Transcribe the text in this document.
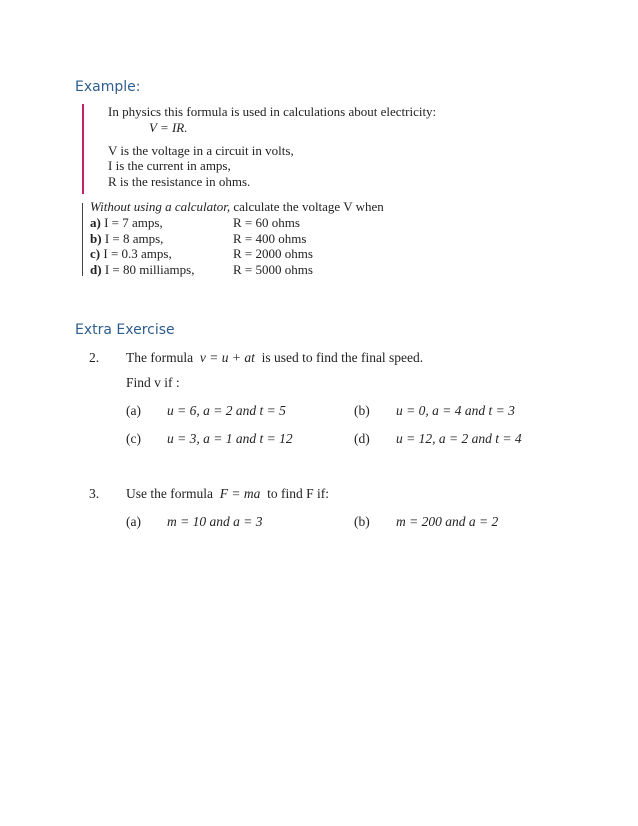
Example:
In physics this formula is used in calculations about electricity:
V = IR.
V is the voltage in a circuit in volts,
I is the current in amps,
R is the resistance in ohms.
Without using a calculator, calculate the voltage V when
a) I = 7 amps,	R = 60 ohms
b) I = 8 amps,	R = 400 ohms
c) I = 0.3 amps,	R = 2000 ohms
d) I = 80 milliamps,	R = 5000 ohms
Extra Exercise
2. The formula v = u + at is used to find the final speed.
Find v if :
(a) u = 6, a = 2 and t = 5	(b) u = 0, a = 4 and t = 3
(c) u = 3, a = 1 and t = 12	(d) u = 12, a = 2 and t = 4
3. Use the formula F = ma to find F if:
(a) m = 10 and a = 3	(b) m = 200 and a = 2
